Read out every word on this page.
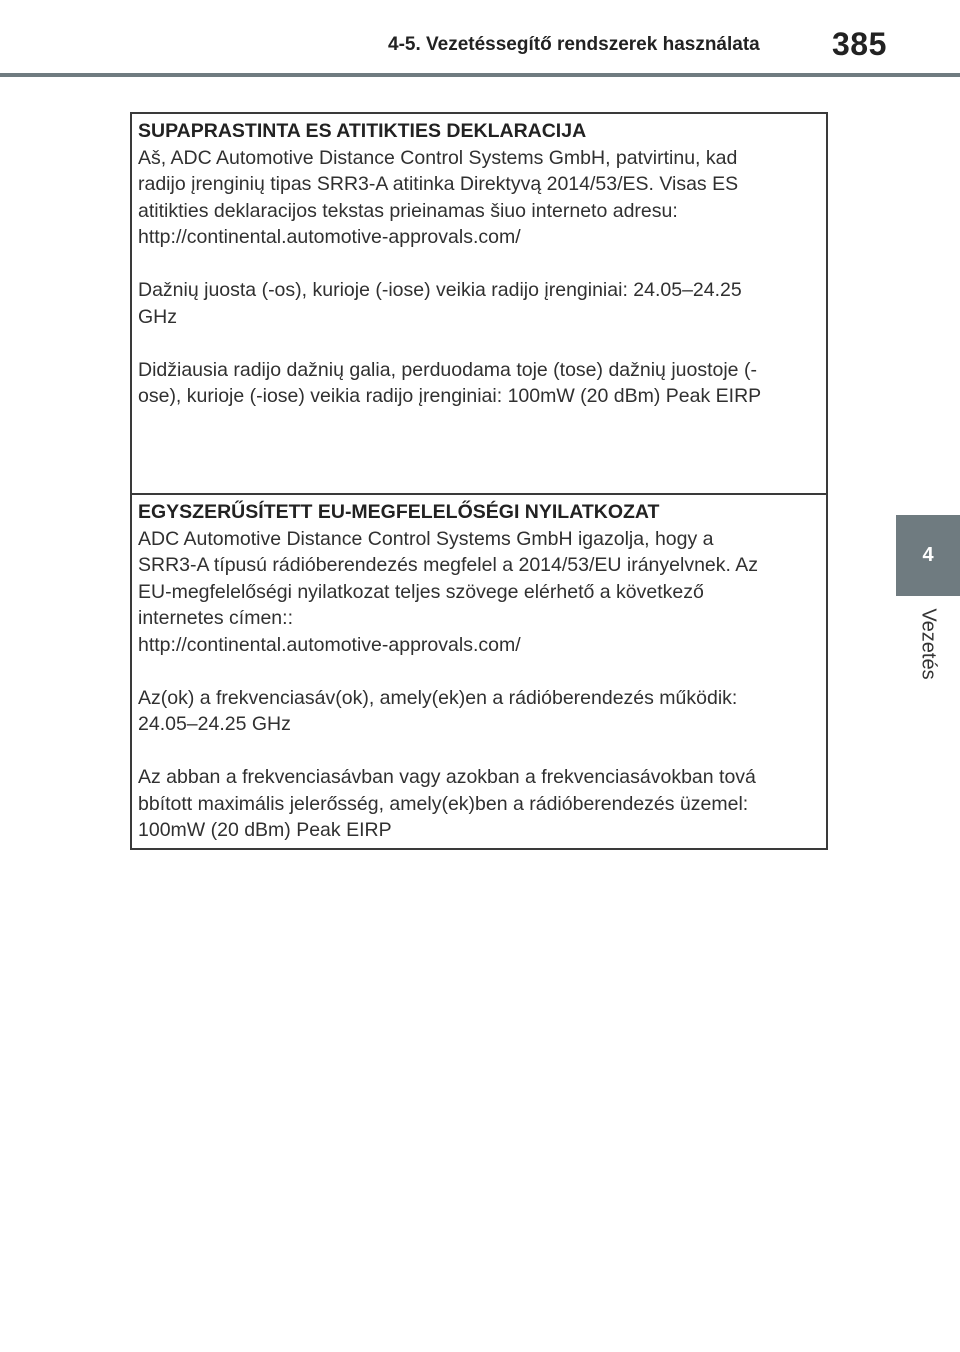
4-5. Vezetéssegítő rendszerek használata 385
4
Vezetés
SUPAPRASTINTA ES ATITIKTIES DEKLARACIJA

Aš, ADC Automotive Distance Control Systems GmbH, patvirtinu, kad

radijo įrenginių tipas SRR3-A atitinka Direktyvą 2014/53/ES. Visas ES

atitikties deklaracijos tekstas prieinamas šiuo interneto adresu:

http://continental.automotive-approvals.com/

Dažnių juosta (-os), kurioje (-iose) veikia radijo įrenginiai: 24.05–24.25

GHz

Didžiausia radijo dažnių galia, perduodama toje (tose) dažnių juostoje (-

ose), kurioje (-iose) veikia radijo įrenginiai: 100mW (20 dBm) Peak EIRP

EGYSZERŰSÍTETT EU-MEGFELELŐSÉGI NYILATKOZAT

ADC Automotive Distance Control Systems GmbH igazolja, hogy a

SRR3-A típusú rádióberendezés megfelel a 2014/53/EU irányelvnek. Az

EU-megfelelőségi nyilatkozat teljes szövege elérhető a következő

internetes címen::

http://continental.automotive-approvals.com/

Az(ok) a frekvenciasáv(ok), amely(ek)en a rádióberendezés működik:

24.05–24.25 GHz

Az abban a frekvenciasávban vagy azokban a frekvenciasávokban tová

bbított maximális jelerősség, amely(ek)ben a rádióberendezés üzemel:

100mW (20 dBm) Peak EIRP
